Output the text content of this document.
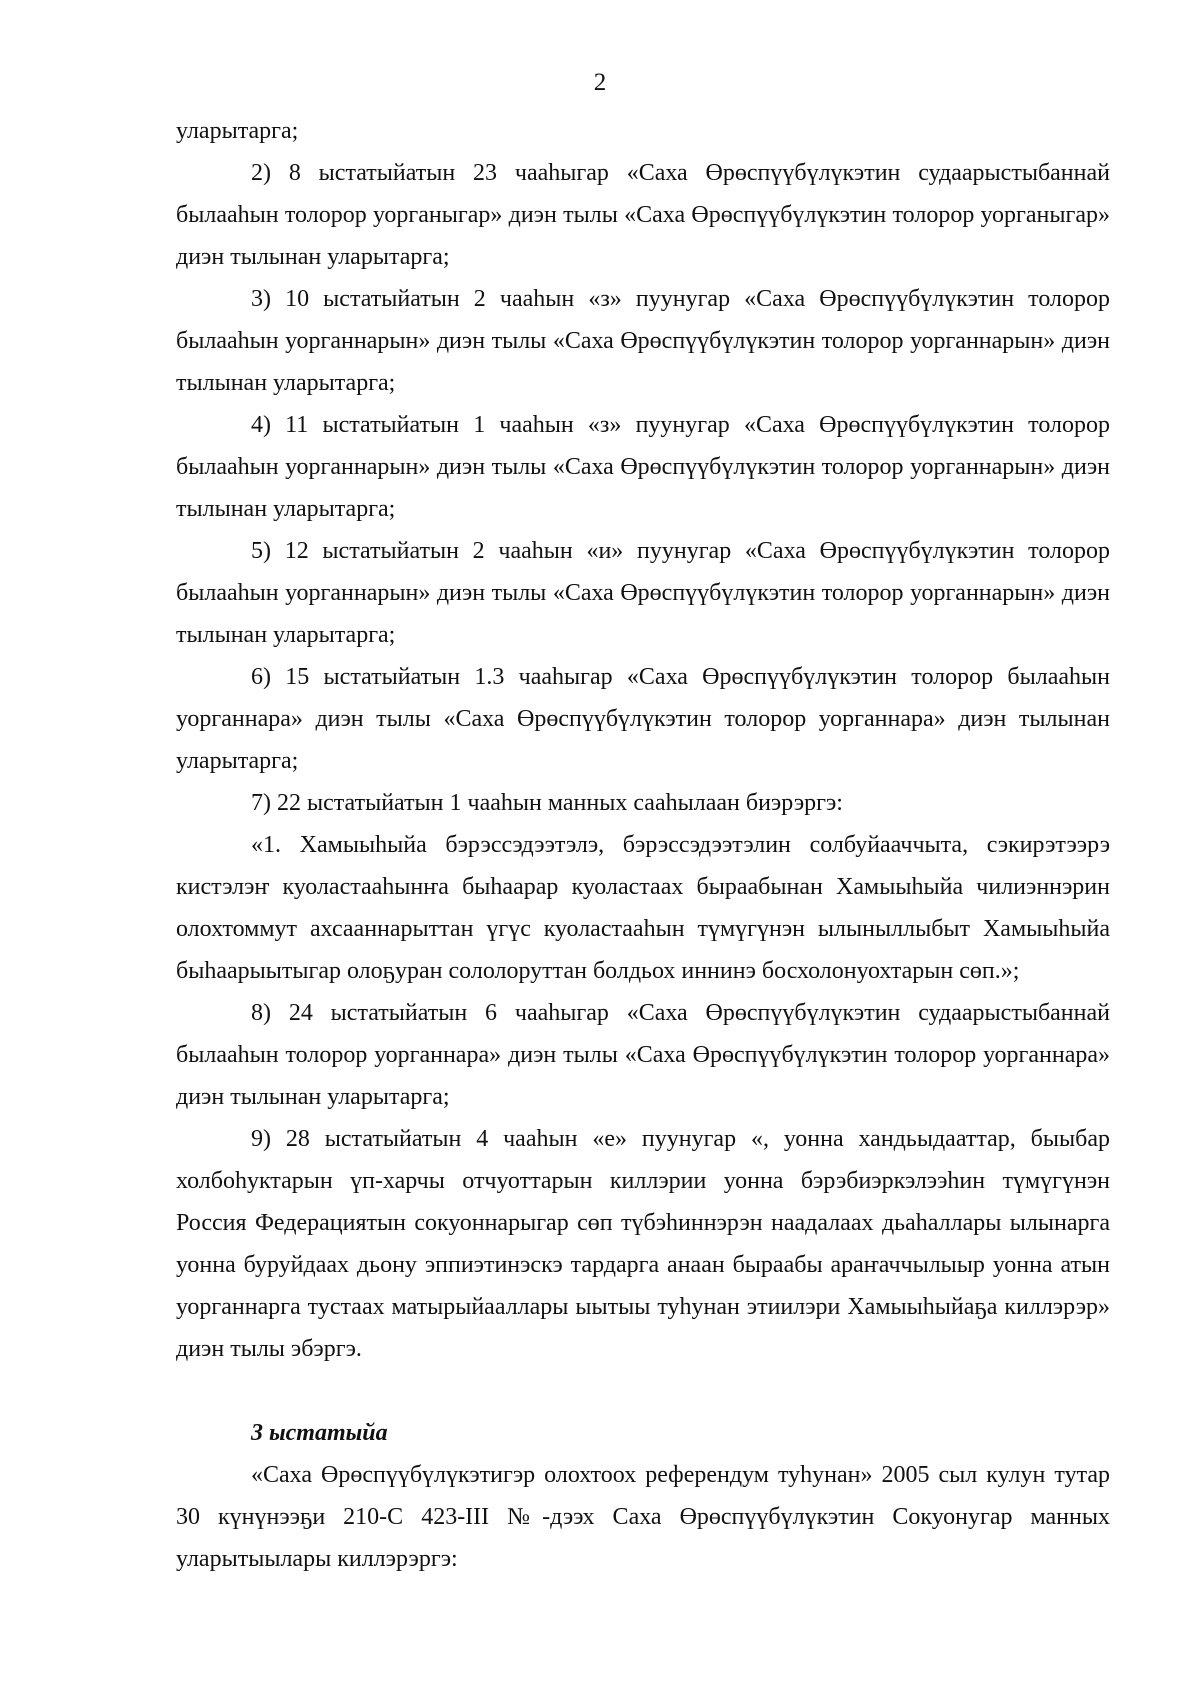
2

уларытарга;

2) 8 ыстатыйатын 23 чааһыгар «Саха Өрөспүүбүлүкэтин судаарыстыбаннай былааһын толорор уорганыгар» диэн тылы «Саха Өрөспүүбүлүкэтин толорор уорганыгар» диэн тылынан уларытарга;

3) 10 ыстатыйатын 2 чааһын «з» пуунугар «Саха Өрөспүүбүлүкэтин толорор былааһын уорганнарын» диэн тылы «Саха Өрөспүүбүлүкэтин толорор уорганнарын» диэн тылынан уларытарга;

4) 11 ыстатыйатын 1 чааһын «з» пуунугар «Саха Өрөспүүбүлүкэтин толорор былааһын уорганнарын» диэн тылы «Саха Өрөспүүбүлүкэтин толорор уорганнарын» диэн тылынан уларытарга;

5) 12 ыстатыйатын 2 чааһын «и» пуунугар «Саха Өрөспүүбүлүкэтин толорор былааһын уорганнарын» диэн тылы «Саха Өрөспүүбүлүкэтин толорор уорганнарын» диэн тылынан уларытарга;

6) 15 ыстатыйатын 1.3 чааһыгар «Саха Өрөспүүбүлүкэтин толорор былааһын уорганнара» диэн тылы «Саха Өрөспүүбүлүкэтин толорор уорганнара» диэн тылынан уларытарга;

7) 22 ыстатыйатын 1 чааһын манных сааһылаан биэрэргэ:

«1. Хамыыһыйа бэрэссэдээтэлэ, бэрэссэдээтэлин солбуйааччыта, сэкирэтээрэ кистэлэҥ куоластааһынҥа быһаарар куоластаах быраабынан Хамыыһыйа чилиэннэрин олохтоммут ахсааннарыттан үгүс куоластааһын түмүгүнэн ылыныллыбыт Хамыыһыйа быһаарыытыгар олоҕуран сололоруттан болдьох иннинэ босхолонуохтарын сөп.»;

8) 24 ыстатыйатын 6 чааһыгар «Саха Өрөспүүбүлүкэтин судаарыстыбаннай былааһын толорор уорганнара» диэн тылы «Саха Өрөспүүбүлүкэтин толорор уорганнара» диэн тылынан уларытарга;

9) 28 ыстатыйатын 4 чааһын «е» пуунугар «, уонна хандьыдааттар, быыбар холбоһуктарын үп-харчы отчуоттарын киллэрии уонна бэрэбиэркэлээһин түмүгүнэн Россия Федерациятын сокуоннарыгар сөп түбэһиннэрэн наадалаах дьаһаллары ылынарга уонна буруйдаах дьону эппиэтинэскэ тардарга анаан быраабы араҥаччылыыр уонна атын уорганнарга тустаах матырыйааллары ыытыы туһунан этиилэри Хамыыһыйаҕа киллэрэр» диэн тылы эбэргэ.

3 ыстатыйа

«Саха Өрөспүүбүлүкэтигэр олохтоох референдум туһунан» 2005 сыл кулун тутар 30 күнүнээҕи 210-С 423-III №-дээх Саха Өрөспүүбүлүкэтин Сокуонугар манных уларытыылары киллэрэргэ:
